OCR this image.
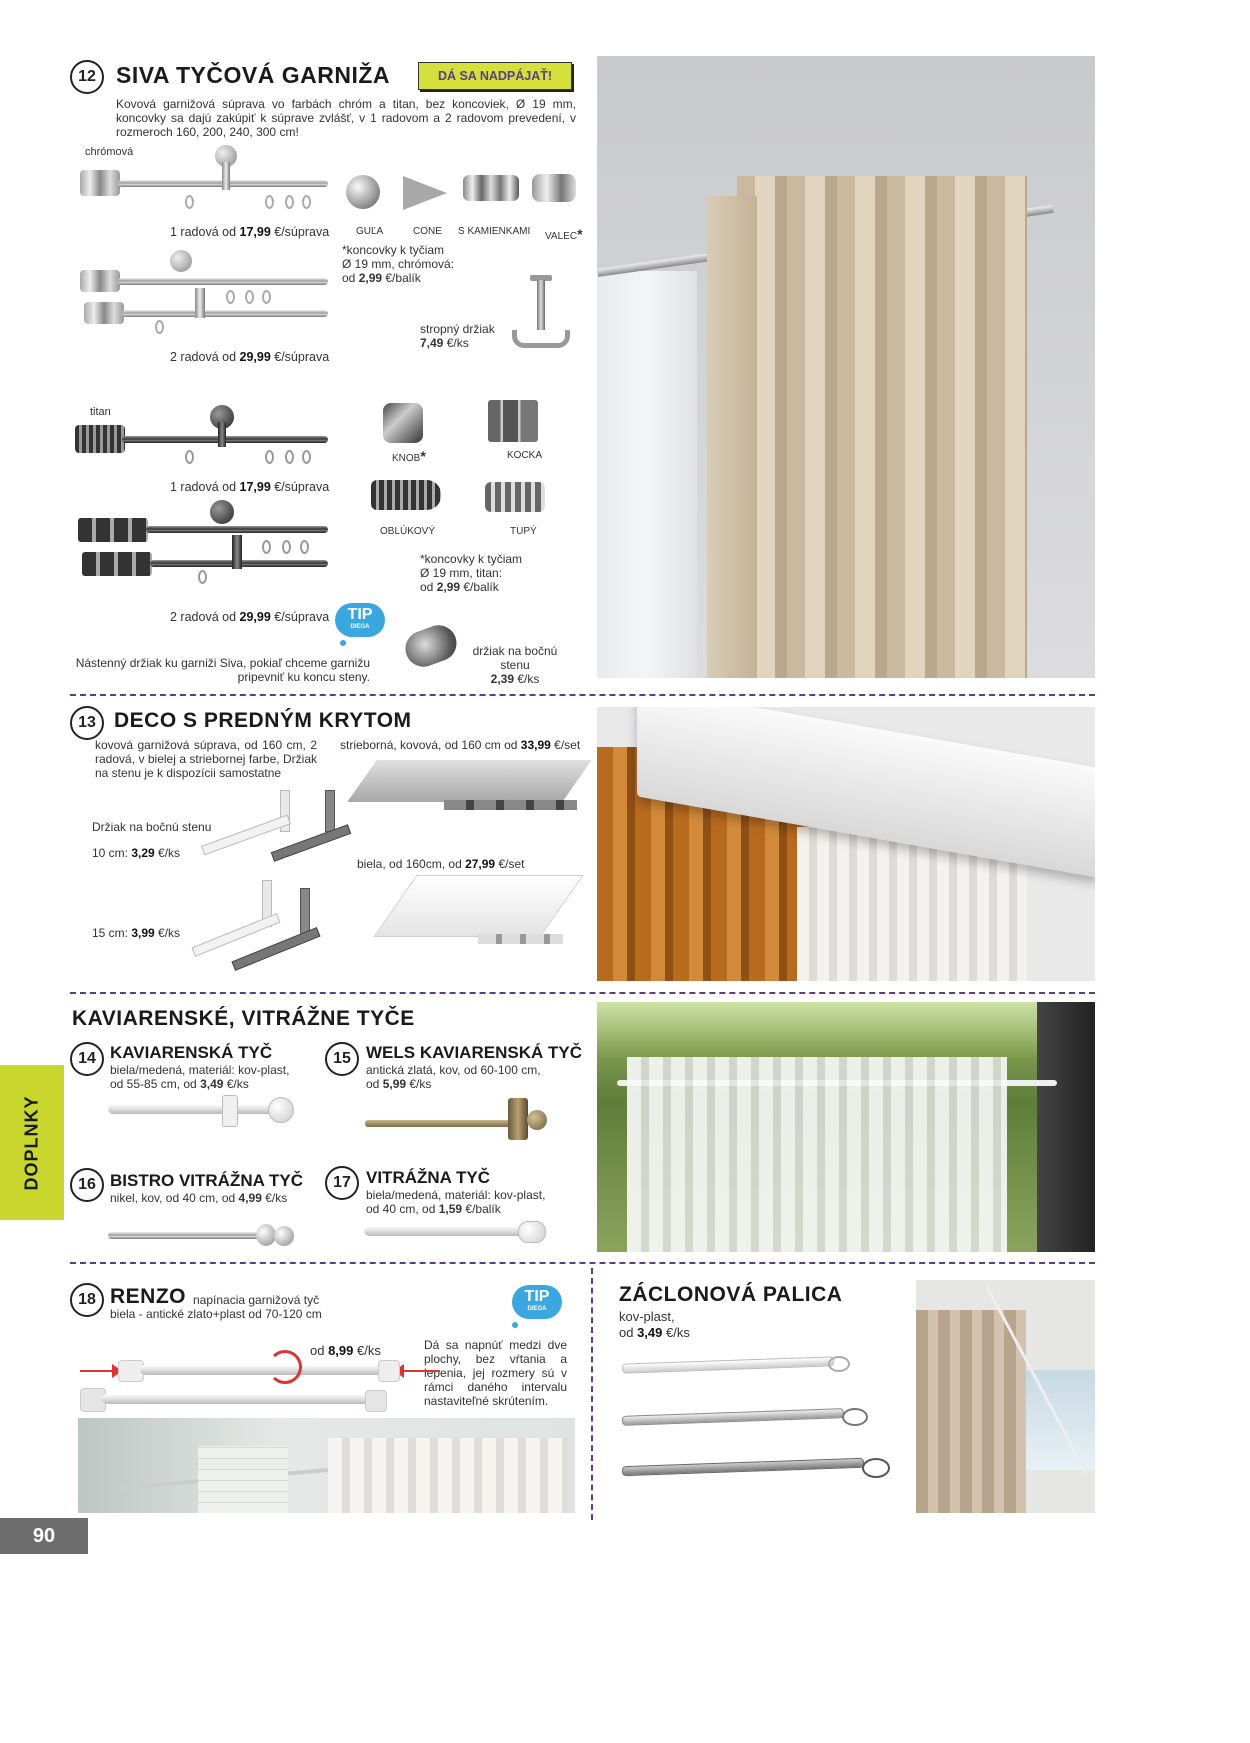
12 SIVA TYČOVÁ GARNIŽA	DÁ SA NADPÁJAŤ!
Kovová garnižová súprava vo farbách chróm a titan, bez koncoviek, Ø 19 mm, koncovky sa dajú zakúpiť k súprave zvlášť, v 1 radovom a 2 radovom prevedení, v rozmeroch 160, 200, 240, 300 cm!
chrómová
1 radová od 17,99 €/súprava
2 radová od 29,99 €/súprava
GUĽA	CONE S KAMIENKAMI VALEC*
*koncovky k tyčiam
Ø 19 mm, chrómová:
od 2,99 €/balík
stropný držiak
7,49 €/ks
titan
1 radová od 17,99 €/súprava
2 radová od 29,99 €/súprava
KNOB*	KOCKA
OBLÚKOVÝ	TUPÝ
*koncovky k tyčiam
Ø 19 mm, titan:
od 2,99 €/balík
TIP
DIEGA
Nástenný držiak ku garniži Siva, pokiaľ chceme garnižu pripevniť ku koncu steny.
držiak na bočnú
stenu
2,39 €/ks
13 DECO S PREDNÝM KRYTOM
kovová garnižová súprava, od 160 cm, 2 radová, v bielej a striebornej farbe, Držiak na stenu je k dispozícii samostatne
strieborná, kovová, od 160 cm od 33,99 €/set
Držiak na bočnú stenu
10 cm: 3,29 €/ks
biela, od 160cm, od 27,99 €/set
15 cm: 3,99 €/ks
KAVIARENSKÉ, VITRÁŽNE TYČE
14 KAVIARENSKÁ TYČ
biela/medená, materiál: kov-plast,
od 55-85 cm, od 3,49 €/ks
15 WELS KAVIARENSKÁ TYČ
antická zlatá, kov, od 60-100 cm,
od 5,99 €/ks
16 BISTRO VITRÁŽNA TYČ
nikel, kov, od 40 cm, od 4,99 €/ks
17 VITRÁŽNA TYČ
biela/medená, materiál: kov-plast,
od 40 cm, od 1,59 €/balík
18 RENZO napínacia garnižová tyč
biela - antické zlato+plast od 70-120 cm
TIP
DIEGA
Dá sa napnúť medzi dve plochy, bez vŕtania a lepenia, jej rozmery sú v rámci daného intervalu nastaviteľné skrútením.
od 8,99 €/ks
ZÁCLONOVÁ PALICA
kov-plast,
od 3,49 €/ks
DOPLNKY
90
